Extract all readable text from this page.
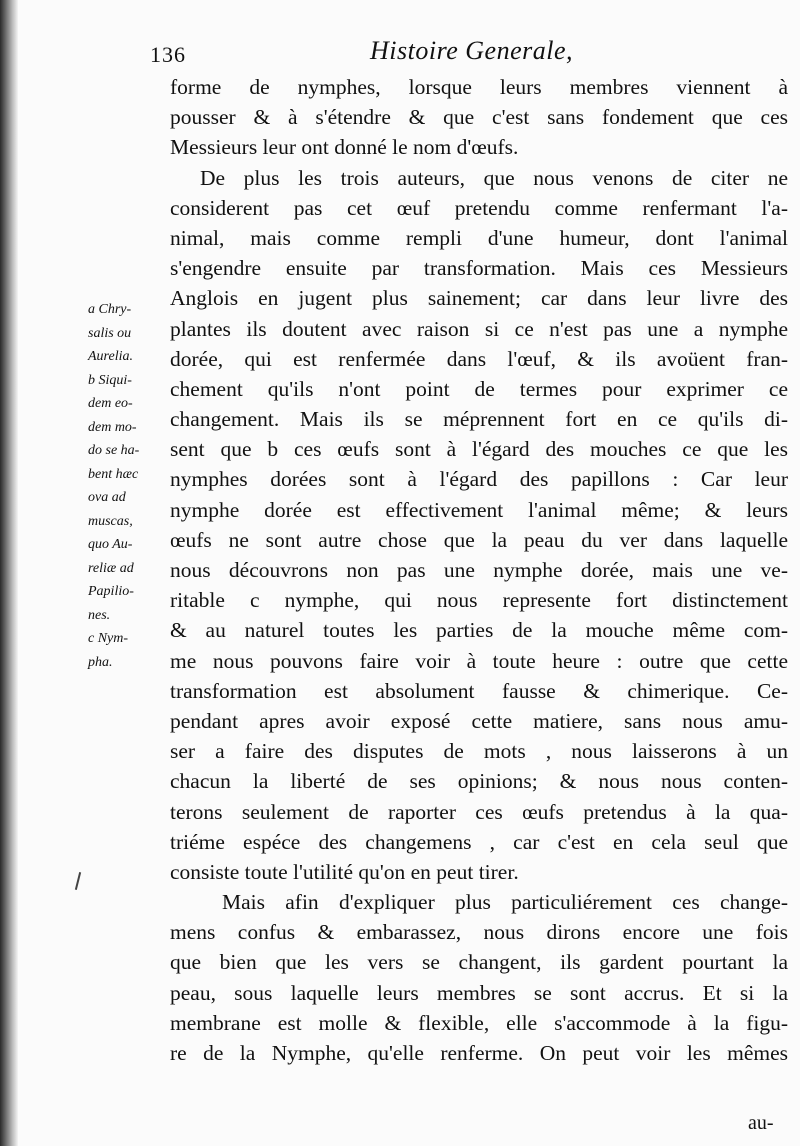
136	Histoire Generale,
forme de nymphes, lorsque leurs membres viennent à
pousser & à s'étendre & que c'est sans fondement que ces
Messieurs leur ont donné le nom d'œufs.
De plus les trois auteurs, que nous venons de citer ne
considerent pas cet œuf pretendu comme renfermant l'a-
nimal, mais comme rempli d'une humeur, dont l'animal
s'engendre ensuite par transformation. Mais ces Messieurs
Anglois en jugent plus sainement; car dans leur livre des
plantes ils doutent avec raison si ce n'est pas une a nymphe
dorée, qui est renfermée dans l'œuf, & ils avoüent fran-
chement qu'ils n'ont point de termes pour exprimer ce
changement. Mais ils se méprennent fort en ce qu'ils di-
sent que b ces œufs sont à l'égard des mouches ce que les
nymphes dorées sont à l'égard des papillons : Car leur
nymphe dorée est effectivement l'animal même; & leurs
œufs ne sont autre chose que la peau du ver dans laquelle
nous découvrons non pas une nymphe dorée, mais une ve-
ritable c nymphe, qui nous represente fort distinctement
& au naturel toutes les parties de la mouche même com-
me nous pouvons faire voir à toute heure : outre que cette
transformation est absolument fausse & chimerique. Ce-
pendant apres avoir exposé cette matiere, sans nous amu-
ser a faire des disputes de mots , nous laisserons à un
chacun la liberté de ses opinions; & nous nous conten-
terons seulement de raporter ces œufs pretendus à la qua-
triéme espéce des changemens , car c'est en cela seul que
consiste toute l'utilité qu'on en peut tirer.
Mais afin d'expliquer plus particuliérement ces change-
mens confus & embarassez, nous dirons encore une fois
que bien que les vers se changent, ils gardent pourtant la
peau, sous laquelle leurs membres se sont accrus. Et si la
membrane est molle & flexible, elle s'accommode à la figu-
re de la Nymphe, qu'elle renferme. On peut voir les mêmes
a Chry-
salis ou
Aurelia.
b Siqui-
dem eo-
dem mo-
do se ha-
bent hæc
ova ad
muscas,
quo Au-
reliæ ad
Papilio-
nes.
c Nym-
pha.
au-
